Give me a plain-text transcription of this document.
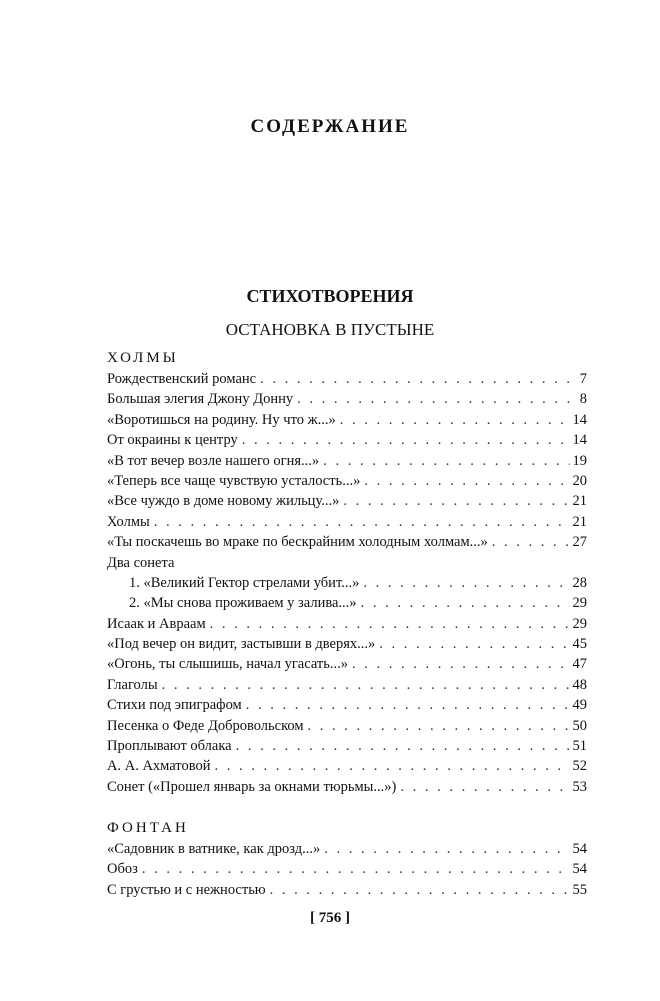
СОДЕРЖАНИЕ
СТИХОТВОРЕНИЯ
ОСТАНОВКА В ПУСТЫНЕ
ХОЛМЫ
Рождественский романс . . .	7
Большая элегия Джону Донну . . .	8
«Воротишься на родину. Ну что ж...» . . .	14
От окраины к центру . . .	14
«В тот вечер возле нашего огня...» . . .	19
«Теперь все чаще чувствую усталость...» . . .	20
«Все чуждо в доме новому жильцу...» . . .	21
Холмы . . .	21
«Ты поскачешь во мраке по бескрайним холодным холмам...» . . .	27
Два сонета
1. «Великий Гектор стрелами убит...» . . .	28
2. «Мы снова проживаем у залива...» . . .	29
Исаак и Авраам . . .	29
«Под вечер он видит, застывши в дверях...» . . .	45
«Огонь, ты слышишь, начал угасать...» . . .	47
Глаголы . . .	48
Стихи под эпиграфом . . .	49
Песенка о Феде Добровольском . . .	50
Проплывают облака . . .	51
А. А. Ахматовой . . .	52
Сонет («Прошел январь за окнами тюрьмы...») . . .	53
ФОНТАН
«Садовник в ватнике, как дрозд...» . . .	54
Обоз . . .	54
С грустью и с нежностью . . .	55
[ 756 ]
